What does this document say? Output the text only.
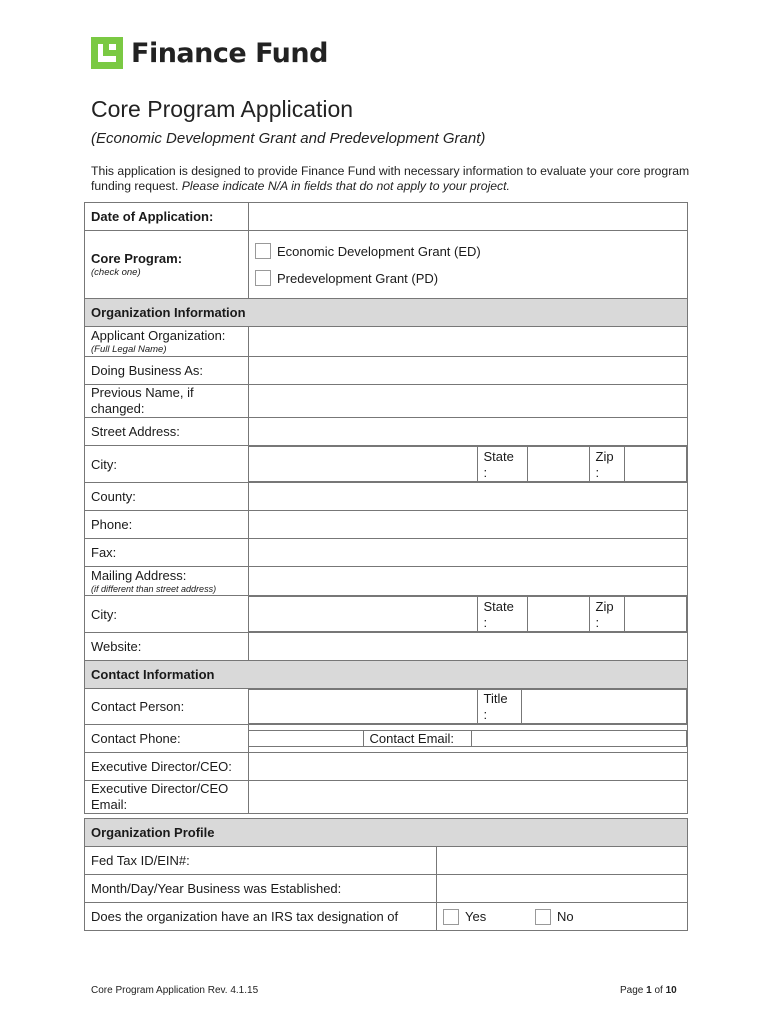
Finance Fund
Core Program Application
(Economic Development Grant and Predevelopment Grant)
This application is designed to provide Finance Fund with necessary information to evaluate your core program funding request. Please indicate N/A in fields that do not apply to your project.
Date of Application:	
Core Program:
(check one)

Economic Development Grant (ED)
Predevelopment Grant (PD)

Organization Information
Applicant Organization:
(Full Legal Name)

Doing Business As:	
Previous Name, if changed:	
Street Address:	
City:	
		State :		Zip :	

County:	
Phone:	
Fax:	
Mailing Address:
(if different than street address)

City:	
		State :		Zip :	

Website:	
Contact Information
Contact Person:	
	Title :	

Contact Phone:	
		Contact Email:	

Executive Director/CEO:	
Executive Director/CEO Email:	
Organization Profile	
Fed Tax ID/EIN#:	
Month/Day/Year Business was Established:	
Does the organization have an IRS tax designation of	Yes No
Core Program Application Rev. 4.1.15	Page 1 of 10
